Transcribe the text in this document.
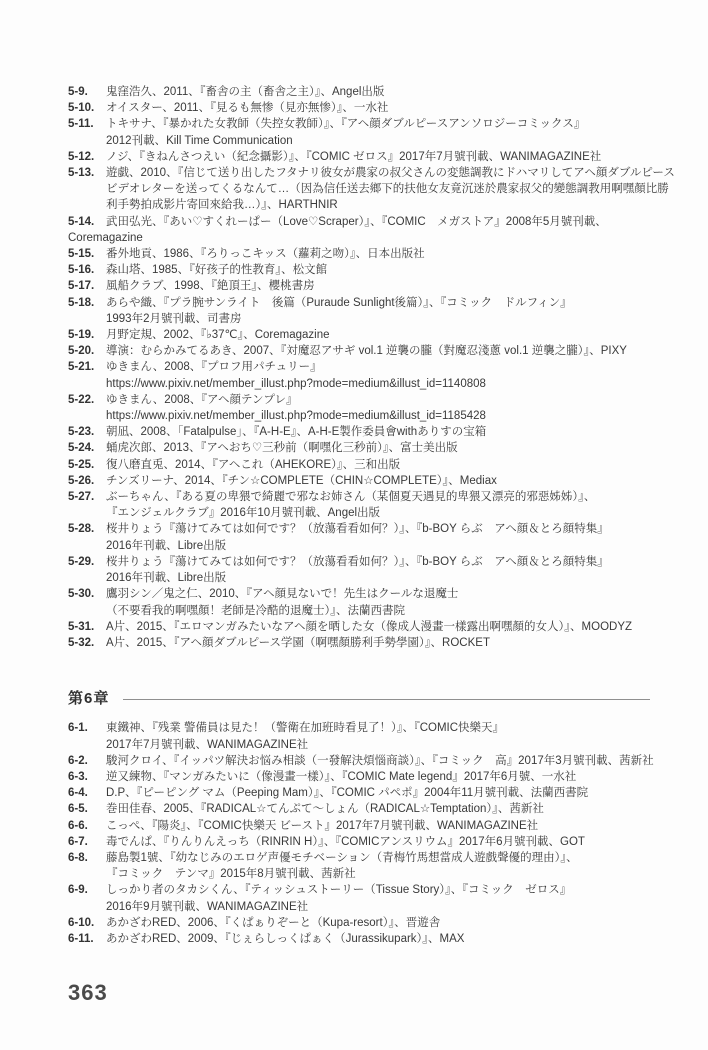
5-9.	鬼窪浩久、2011、『畜舎の主（畜舎之主）』、Angel出版
5-10.	オイスター、2011、『見るも無惨（見亦無惨）』、一水社
5-11.	トキサナ、『暴かれた女教師（失控女教師）』、『アヘ顔ダブルピースアンソロジーコミックス』
2012刊載、Kill Time Communication
5-12.	ノジ、『きねんさつえい（紀念攝影）』、『COMIC ゼロス』2017年7月號刊載、WANIMAGAZINE社
5-13.	遊戯、2010、『信じて送り出したフタナリ彼女が農家の叔父さんの変態調教にドハマリしてアヘ顔ダブルピース
ビデオレターを送ってくるなんて…（因為信任送去鄉下的扶他女友竟沉迷於農家叔父的變態調教用啊嘿顏比勝
利手勢拍成影片寄回來給我…）』、HARTHNIR
5-14.	武田弘光、『あい♡すくれーぱー（Love♡Scraper）』、『COMIC　メガストア』2008年5月號刊載、
Coremagazine
5-15.	番外地貢、1986、『ろりっこキッス（蘿莉之吻）』、日本出版社
5-16.	森山塔、1985、『好孩子的性教育』、松文館
5-17.	風船クラブ、1998、『絶頂王』、櫻桃書房
5-18.	あらや織、『プラ腕サンライト　後篇（Puraude Sunlight後篇）』、『コミック　ドルフィン』
1993年2月號刊載、司書房
5-19.	月野定規、2002、『♭37℃』、Coremagazine
5-20.	導演：むらかみてるあき、2007、『対魔忍アサギ vol.1 逆襲の朧（對魔忍淺蔥 vol.1 逆襲之朧）』、PIXY
5-21.	ゆきまん、2008、『プロフ用パチュリー』
https://www.pixiv.net/member_illust.php?mode=medium&illust_id=1140808
5-22.	ゆきまん、2008、『アヘ顔テンプレ』
https://www.pixiv.net/member_illust.php?mode=medium&illust_id=1185428
5-23.	朝凪、2008、「Fatalpulse」、『A-H-E』、A-H-E製作委員會withありすの宝箱
5-24.	蛹虎次郎、2013、『アヘおち♡三秒前（啊嘿化三秒前）』、富士美出版
5-25.	復八磨直兎、2014、『アヘこれ（AHEKORE）』、三和出版
5-26.	チンズリーナ、2014、『チン☆COMPLETE（CHIN☆COMPLETE）』、Mediax
5-27.	ぶーちゃん、『ある夏の卑猥で綺麗で邪なお姉さん（某個夏天遇見的卑猥又漂亮的邪惡姊姊）』、
『エンジェルクラブ』2016年10月號刊載、Angel出版
5-28.	桜井りょう『蕩けてみては如何です？（放蕩看看如何？）』、『b-BOY らぶ　アヘ顔＆とろ顔特集』
2016年刊載、Libre出版
5-29.	桜井りょう『蕩けてみては如何です？（放蕩看看如何？）』、『b-BOY らぶ　アヘ顔＆とろ顔特集』
2016年刊載、Libre出版
5-30.	鷹羽シン／鬼之仁、2010、『アヘ顔見ないで！先生はクールな退魔士
（不要看我的啊嘿顏！老師是冷酷的退魔士）』、法蘭西書院
5-31.	A片、2015、『エロマンガみたいなアヘ顔を晒した女（像成人漫畫一樣露出啊嘿顏的女人）』、MOODYZ
5-32.	A片、2015、『アヘ顔ダブルピース学園（啊嘿顏勝利手勢學園）』、ROCKET
第6章
6-1.	東鐵神、『残業 警備員は見た！（警衛在加班時看見了！）』、『COMIC快樂天』
2017年7月號刊載、WANIMAGAZINE社
6-2.	駿河クロイ、『イッパツ解決お悩み相談（一發解決煩惱商談）』、『コミック　高』2017年3月號刊載、茜新社
6-3.	逆又練物、『マンガみたいに（像漫畫一樣）』、『COMIC Mate legend』2017年6月號、一水社
6-4.	D.P、『ピーピング マム（Peeping Mam）』、『COMIC パペポ』2004年11月號刊載、法蘭西書院
6-5.	巻田佳春、2005、『RADICAL☆てんぷて〜しょん（RADICAL☆Temptation）』、茜新社
6-6.	こっぺ、『陽炎』、『COMIC快樂天 ビースト』2017年7月號刊載、WANIMAGAZINE社
6-7.	毒でんぱ、『りんりんえっち（RINRIN H）』、『COMICアンスリウム』2017年6月號刊載、GOT
6-8.	藤島製1號、『幼なじみのエロゲ声優モチベーション（青梅竹馬想當成人遊戲聲優的理由）』、
『コミック　テンマ』2015年8月號刊載、茜新社
6-9.	しっかり者のタカシくん、『ティッシュストーリー（Tissue Story）』、『コミック　ゼロス』
2016年9月號刊載、WANIMAGAZINE社
6-10.	あかざわRED、2006、『くぱぁりぞーと（Kupa-resort）』、晋遊舎
6-11.	あかざわRED、2009、『じぇらしっくぱぁく（Jurassikupark）』、MAX
363
